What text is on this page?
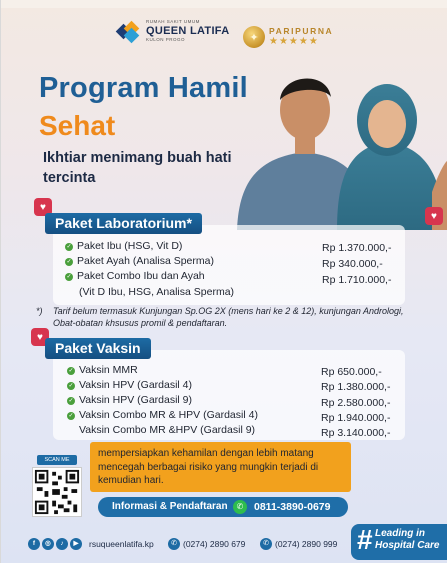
RUMAH SAKIT UMUM
QUEEN LATIFA
KULON PROGO	✦
PARIPURNA
★★★★★
Program Hamil
Sehat
Ikhtiar menimang buah hati tercinta
♥
♥
♥
Paket Laboratorium*
✓ Paket Ibu (HSG, Vit D)	Rp 1.370.000,-
✓ Paket Ayah (Analisa Sperma)	Rp 340.000,-
✓ Paket Combo Ibu dan Ayah	Rp 1.710.000,-
(Vit D Ibu, HSG, Analisa Sperma)
*) Tarif belum termasuk Kunjungan Sp.OG 2X (mens hari ke 2 & 12), kunjungan Andrologi, Obat-obatan khsusus promil & pendaftaran.
Paket Vaksin
✓ Vaksin MMR	Rp 650.000,-
✓ Vaksin HPV (Gardasil 4)	Rp 1.380.000,-
✓ Vaksin HPV (Gardasil 9)	Rp 2.580.000,-
✓ Vaksin Combo MR & HPV (Gardasil 4)	Rp 1.940.000,-
Vaksin Combo MR &HPV (Gardasil 9)	Rp 3.140.000,-
SCAN ME
mempersiapkan kehamilan dengan lebih matang mencegah berbagai risiko yang mungkin terjadi di kemudian hari.
Informasi & Pendaftaran	✆	0811-3890-0679
f	◎	♪	▶	rsuqueenlatifa.kp	✆ (0274) 2890 679	✆ (0274) 2890 999 # Leading in Hospital Care
